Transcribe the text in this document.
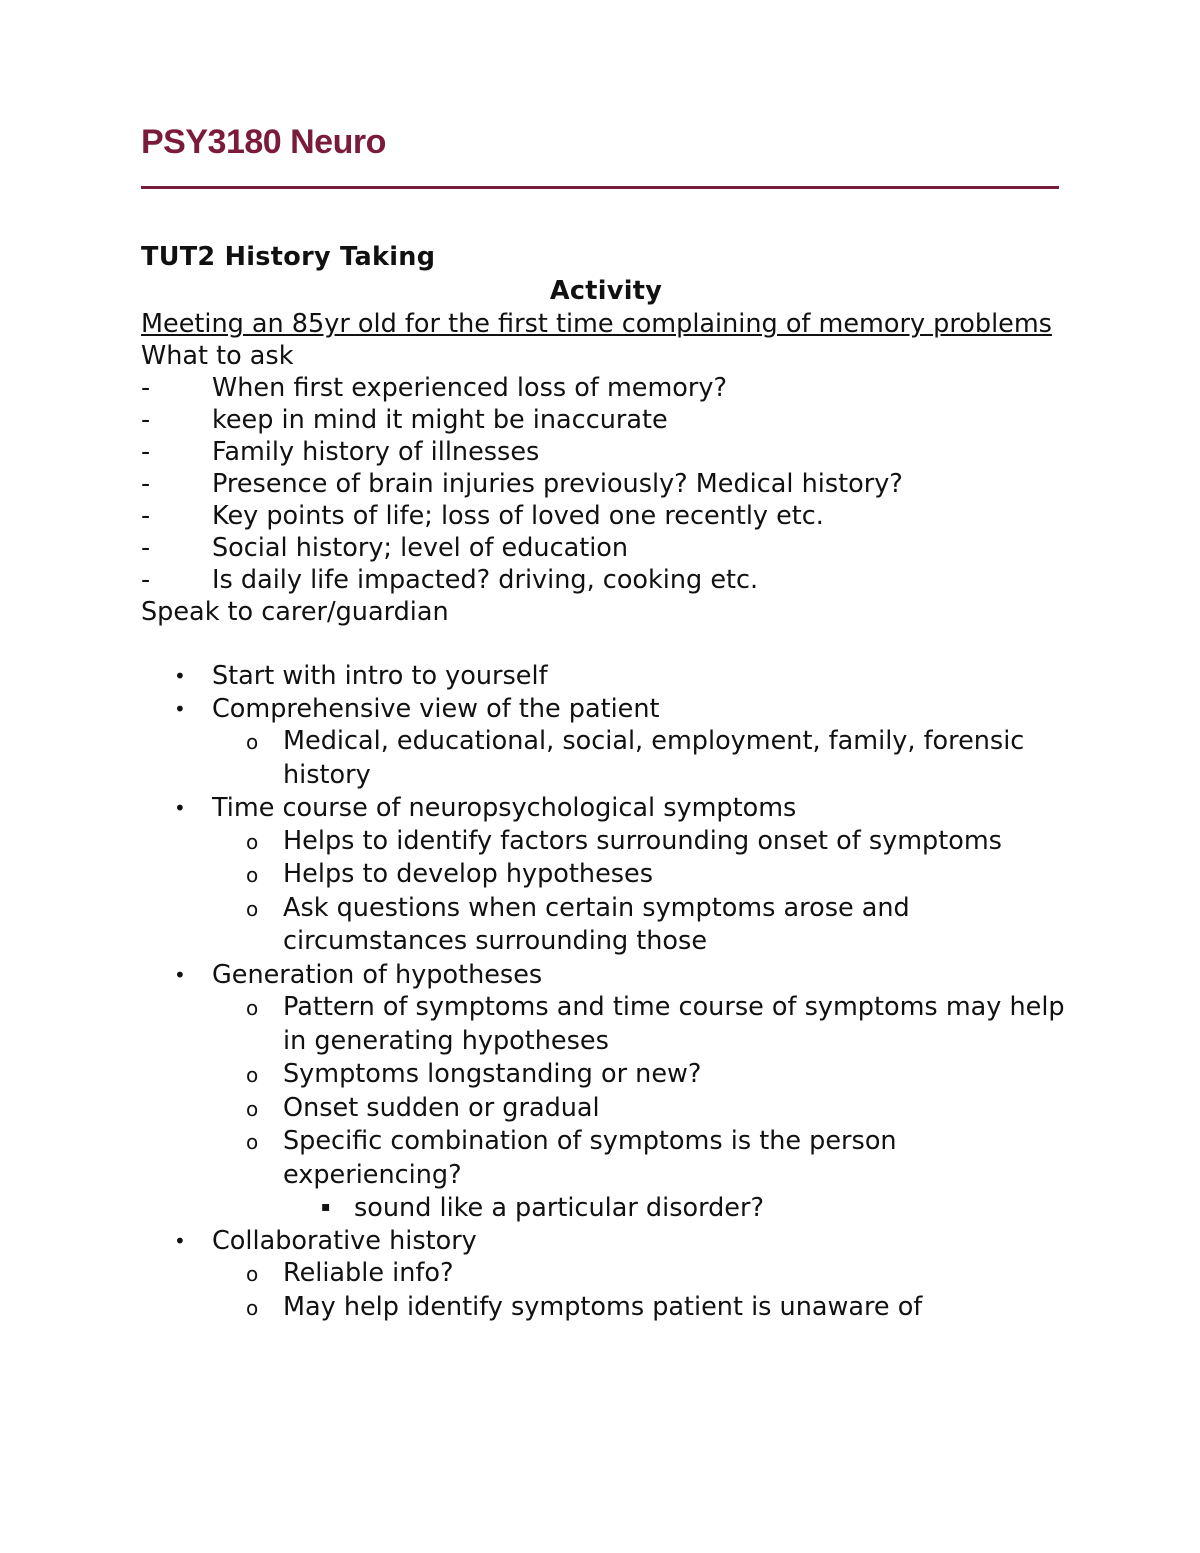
PSY3180 Neuro

TUT2 History Taking

Activity

Meeting an 85yr old for the first time complaining of memory problems

What to ask

-	When first experienced loss of memory?
-	keep in mind it might be inaccurate
-	Family history of illnesses
-	Presence of brain injuries previously? Medical history?
-	Key points of life; loss of loved one recently etc.
-	Social history; level of education
-	Is daily life impacted? driving, cooking etc.

Speak to carer/guardian

• Start with intro to yourself
• Comprehensive view of the patient
o Medical, educational, social, employment, family, forensic history
• Time course of neuropsychological symptoms
o Helps to identify factors surrounding onset of symptoms
o Helps to develop hypotheses
o Ask questions when certain symptoms arose and circumstances surrounding those
• Generation of hypotheses
o Pattern of symptoms and time course of symptoms may help in generating hypotheses
o Symptoms longstanding or new?
o Onset sudden or gradual
o Specific combination of symptoms is the person experiencing?
▪ sound like a particular disorder?
• Collaborative history
o Reliable info?
o May help identify symptoms patient is unaware of
